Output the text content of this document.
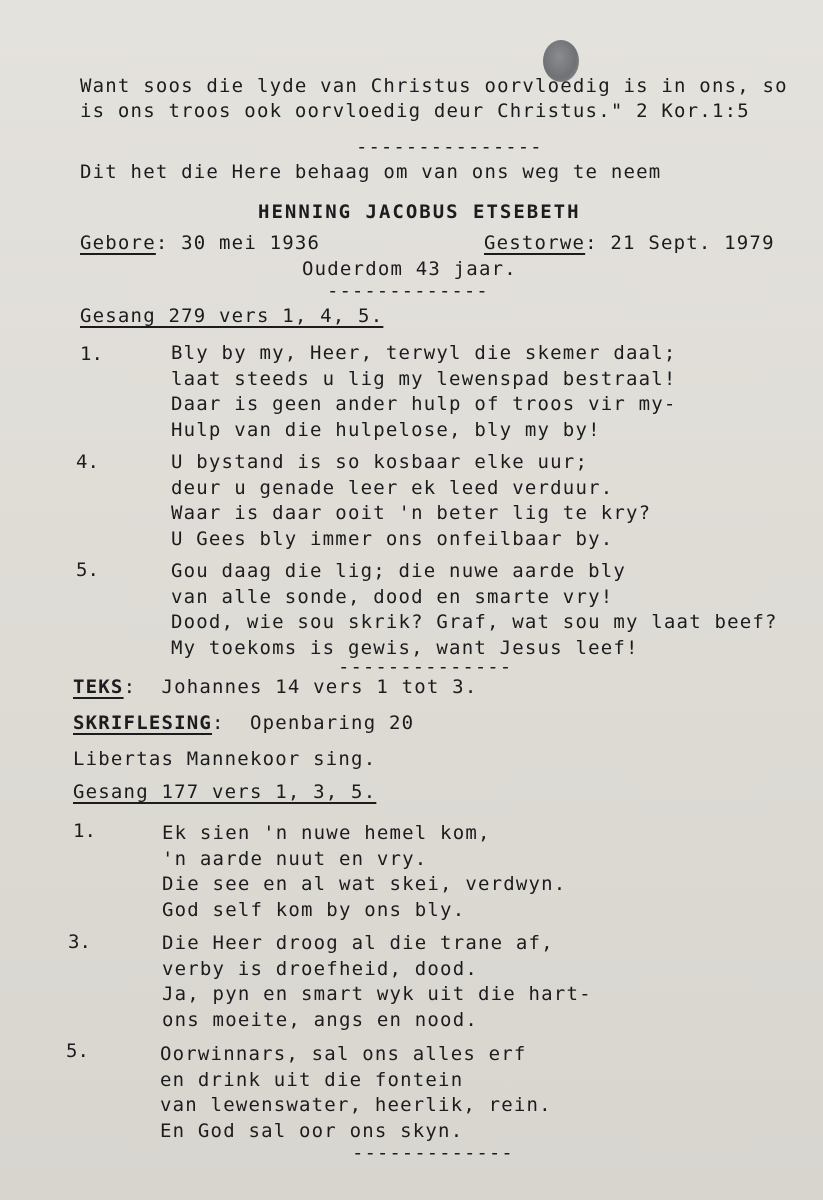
Want soos die lyde van Christus oorvloedig is in ons, so
is ons troos ook oorvloedig deur Christus." 2 Kor.1:5
---------------
Dit het die Here behaag om van ons weg te neem
HENNING JACOBUS ETSEBETH
Gebore: 30 mei 1936	Gestorwe: 21 Sept. 1979
Ouderdom 43 jaar.
-------------
Gesang 279 vers 1, 4, 5.
1.	Bly by my, Heer, terwyl die skemer daal;
laat steeds u lig my lewenspad bestraal!
Daar is geen ander hulp of troos vir my-
Hulp van die hulpelose, bly my by!
4.	U bystand is so kosbaar elke uur;
deur u genade leer ek leed verduur.
Waar is daar ooit 'n beter lig te kry?
U Gees bly immer ons onfeilbaar by.
5.	Gou daag die lig; die nuwe aarde bly
van alle sonde, dood en smarte vry!
Dood, wie sou skrik? Graf, wat sou my laat beef?
My toekoms is gewis, want Jesus leef!
--------------
TEKS:  Johannes 14 vers 1 tot 3.
SKRIFLESING:  Openbaring 20
Libertas Mannekoor sing.
Gesang 177 vers 1, 3, 5.
1.	Ek sien 'n nuwe hemel kom,
'n aarde nuut en vry.
Die see en al wat skei, verdwyn.
God self kom by ons bly.
3.	Die Heer droog al die trane af,
verby is droefheid, dood.
Ja, pyn en smart wyk uit die hart-
ons moeite, angs en nood.
5.	Oorwinnars, sal ons alles erf
en drink uit die fontein
van lewenswater, heerlik, rein.
En God sal oor ons skyn.
-------------
